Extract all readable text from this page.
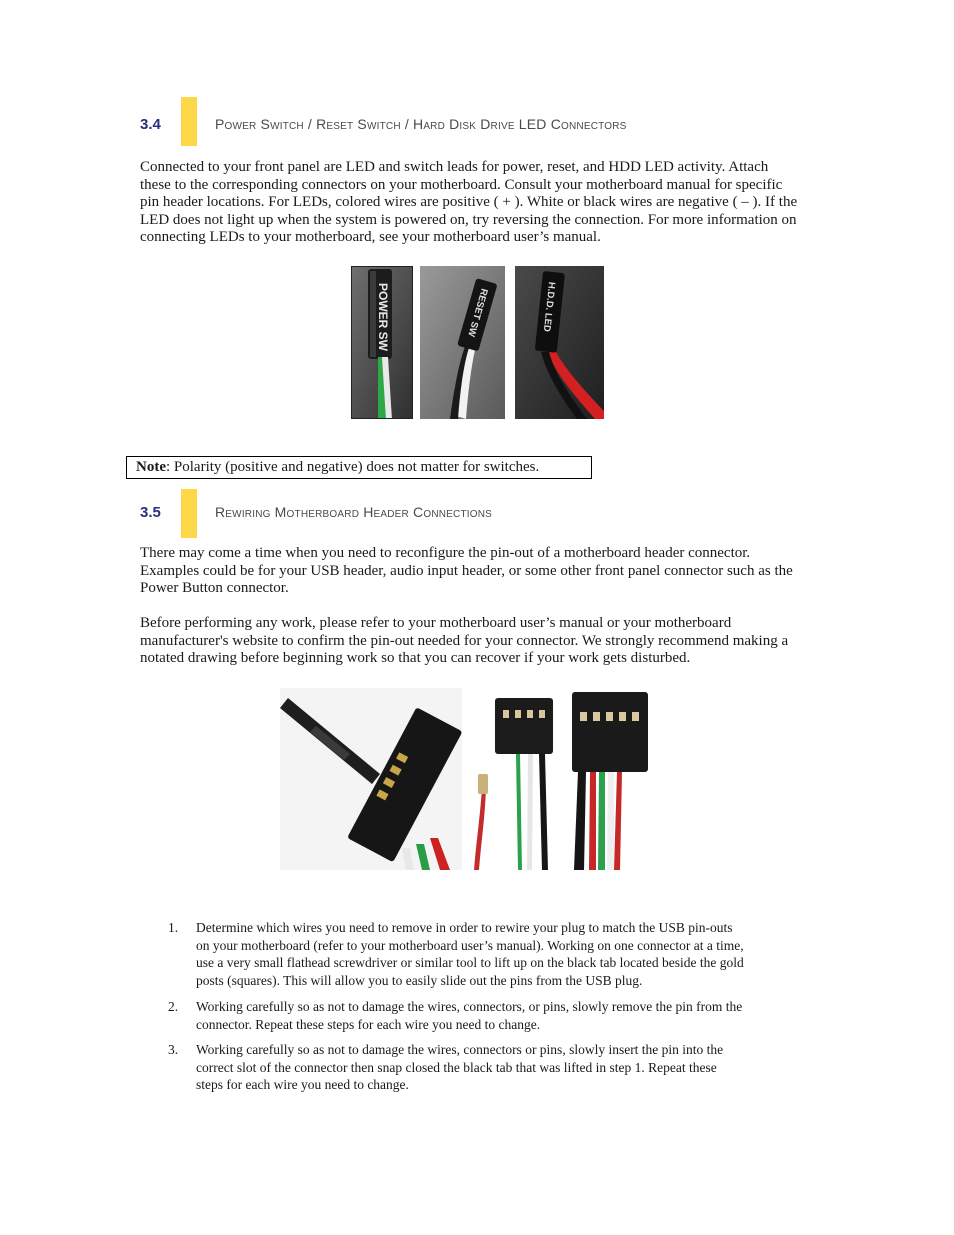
3.4	Power Switch / Reset Switch / Hard Disk Drive LED Connectors
Connected to your front panel are LED and switch leads for power, reset, and HDD LED activity. Attach
these to the corresponding connectors on your motherboard. Consult your motherboard manual for specific
pin header locations. For LEDs, colored wires are positive ( + ). White or black wires are negative ( – ). If the
LED does not light up when the system is powered on, try reversing the connection. For more information on
connecting LEDs to your motherboard, see your motherboard user’s manual.
POWER SW	RESET SW	H.D.D. LED
Note: Polarity (positive and negative) does not matter for switches.
3.5	Rewiring Motherboard Header Connections
There may come a time when you need to reconfigure the pin-out of a motherboard header connector.
Examples could be for your USB header, audio input header, or some other front panel connector such as the
Power Button connector.
Before performing any work, please refer to your motherboard user’s manual or your motherboard
manufacturer's website to confirm the pin-out needed for your connector. We strongly recommend making a
notated drawing before beginning work so that you can recover if your work gets disturbed.
1. Determine which wires you need to remove in order to rewire your plug to match the USB pin-outs
on your motherboard (refer to your motherboard user’s manual). Working on one connector at a time,
use a very small flathead screwdriver or similar tool to lift up on the black tab located beside the gold
posts (squares). This will allow you to easily slide out the pins from the USB plug.
2. Working carefully so as not to damage the wires, connectors, or pins, slowly remove the pin from the
connector. Repeat these steps for each wire you need to change.
3. Working carefully so as not to damage the wires, connectors or pins, slowly insert the pin into the
correct slot of the connector then snap closed the black tab that was lifted in step 1. Repeat these
steps for each wire you need to change.
